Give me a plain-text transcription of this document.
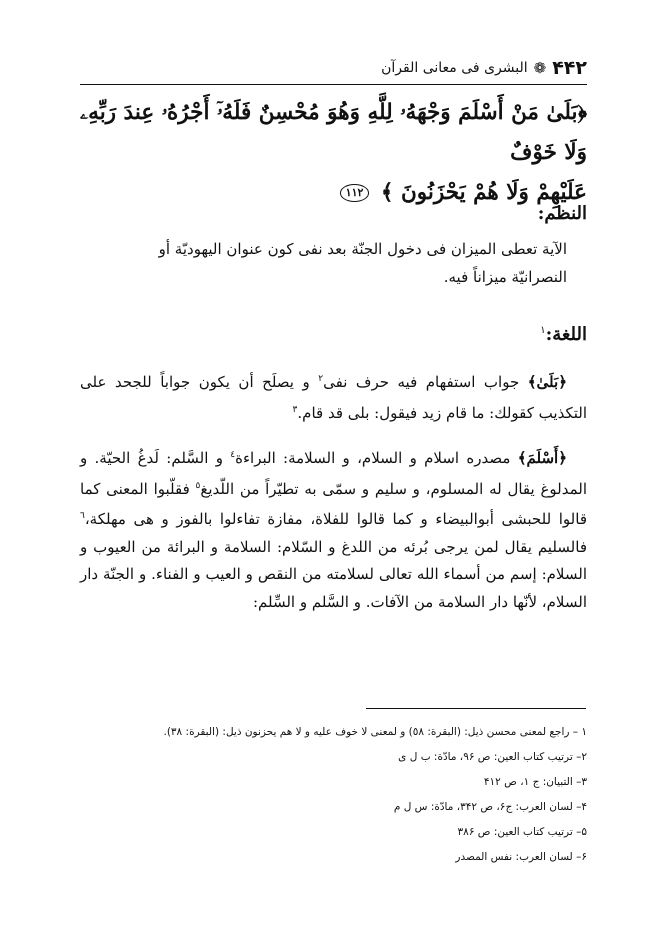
۴۴۲
❁
البشرى فى معانى القرآن
﴿بَلَىٰ مَنْ أَسْلَمَ وَجْهَهُۥ لِلَّهِ وَهُوَ مُحْسِنٌ فَلَهُۥٓ أَجْرُهُۥ عِندَ رَبِّهِۦ وَلَا خَوْفٌ
عَلَيْهِمْ وَلَا هُمْ يَحْزَنُونَ ﴾ ١١٢
النظم:

الآية تعطى الميزان فى دخول الجنّة بعد نفى كون عنوان اليهوديّة أو
النصرانيّة ميزاناً فيه.

اللغة:$^١$

﴿بَلَىٰ﴾ جواب استفهام فيه حرف نفى$^٢$ و يصلَح أن يكون جواباً للجحد على التكذيب كقولك: ما قام زيد فيقول: بلى قد قام.$^٣$

﴿أَسْلَمَ﴾ مصدره اسلام و السلام، و السلامة: البراءة$^٤$ و السَّلم: لَدغُ الحيّة. و المدلوغ يقال له المسلوم، و سليم و سمّى به تطيّراً من اللّديغ$^٥$ فقلّبوا المعنى كما قالوا للحبشى أبوالبيضاء و كما قالوا للفلاة، مفازة تفاءلوا بالفوز و هى مهلكة،$^٦$ فالسليم يقال لمن يرجى بُرئه من اللدغ و السّلام: السلامة و البرائة من العيوب و السلام: إسم من أسماء الله تعالى لسلامته من النقص و العيب و الفناء. و الجنّة دار السلام، لأنّها دار السلامة من الآفات. و السَّلم و السِّلم:

١ – راجع لمعنى محسن ذيل: (البقرة: ٥٨) و لمعنى لا خوف عليه و لا هم يحزنون ذيل: (البقرة: ٣٨).
٢– ترتيب كتاب العين: ص ٩۶، مادّة: ب ل ى
٣– التبيان: ج ١، ص ۴١٢
۴– لسان العرب: ج۶، ص ٣۴٢، مادّة: س ل م
۵– ترتيب كتاب العين: ص ٣٨۶
۶– لسان العرب: نفس المصدر
